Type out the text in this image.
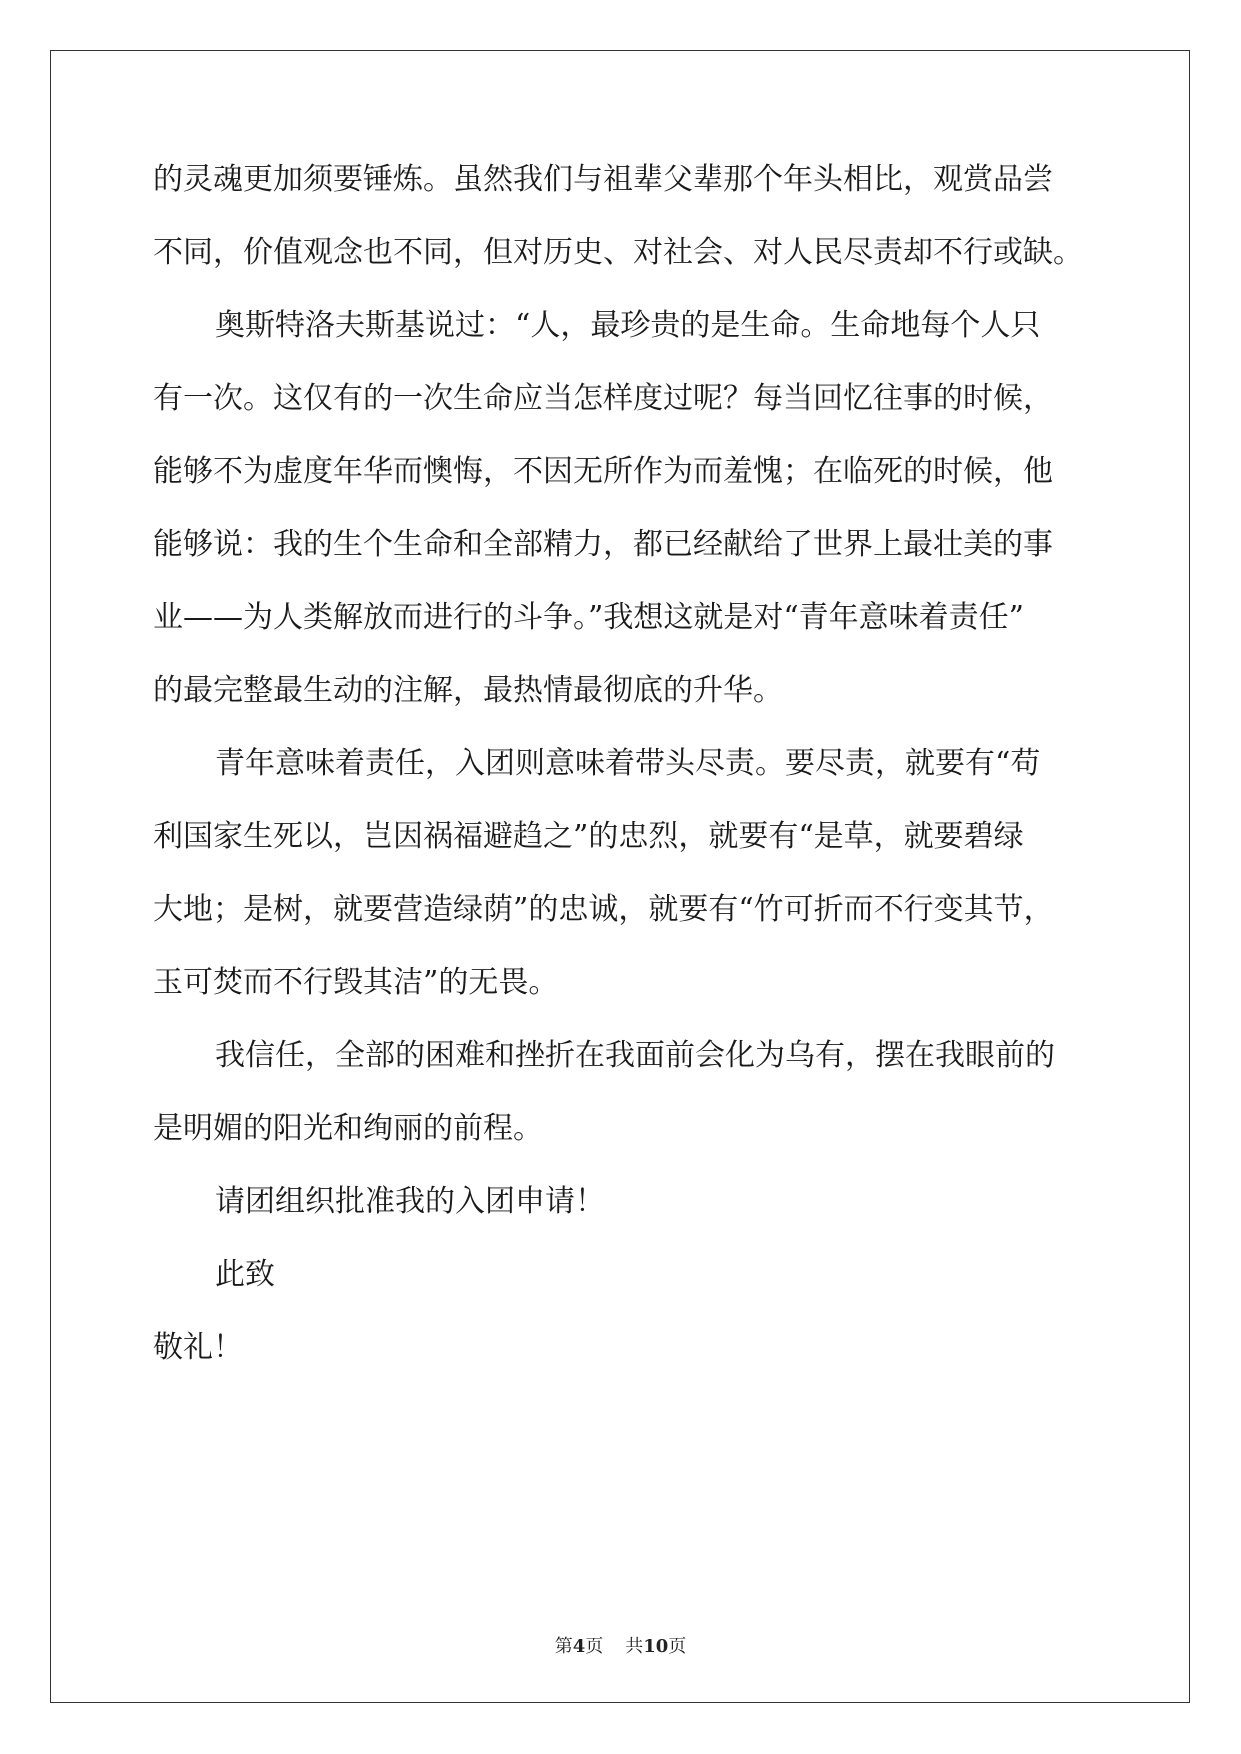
的灵魂更加须要锤炼。虽然我们与祖辈父辈那个年头相比，观赏品尝
不同，价值观念也不同，但对历史、对社会、对人民尽责却不行或缺。
奥斯特洛夫斯基说过：“人，最珍贵的是生命。生命地每个人只
有一次。这仅有的一次生命应当怎样度过呢？每当回忆往事的时候，
能够不为虚度年华而懊悔，不因无所作为而羞愧；在临死的时候，他
能够说：我的生个生命和全部精力，都已经献给了世界上最壮美的事
业——为人类解放而进行的斗争。”我想这就是对“青年意味着责任”
的最完整最生动的注解，最热情最彻底的升华。
青年意味着责任，入团则意味着带头尽责。要尽责，就要有“苟
利国家生死以，岂因祸福避趋之”的忠烈，就要有“是草，就要碧绿
大地；是树，就要营造绿荫”的忠诚，就要有“竹可折而不行变其节，
玉可焚而不行毁其洁”的无畏。
我信任，全部的困难和挫折在我面前会化为乌有，摆在我眼前的
是明媚的阳光和绚丽的前程。
请团组织批准我的入团申请！
此致
敬礼！
第4页 共10页
